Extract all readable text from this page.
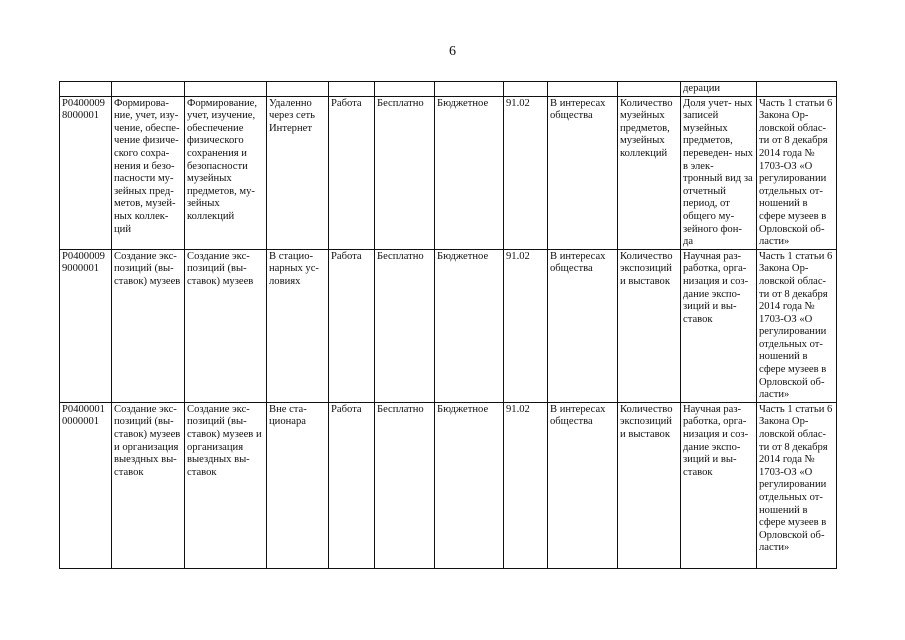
6
										дерации	
P0400009 8000001	Формирова- ние, учет, изу- чение, обеспе- чение физиче- ского сохра- нения и безо- пасности му- зейных пред- метов, музей- ных коллек- ций	Формирование, учет, изучение, обеспечение физического сохранения и безопасности музейных предметов, му- зейных коллекций	Удаленно через сеть Интернет	Работа	Бесплатно	Бюджетное	91.02	В интересах общества	Количество музейных предметов, музейных коллекций	Доля учет- ных записей музейных предметов, переведен- ных в элек- тронный вид за отчетный период, от общего му- зейного фон- да	Часть 1 статьи 6 Закона Ор- ловской облас- ти от 8 декабря 2014 года № 1703-ОЗ «О регулировании отдельных от- ношений в сфере музеев в Орловской об- ласти»
P0400009 9000001	Создание экс- позиций (вы- ставок) музеев	Создание экс- позиций (вы- ставок) музеев	В стацио- нарных ус- ловиях	Работа	Бесплатно	Бюджетное	91.02	В интересах общества	Количество экспозиций и выставок	Научная раз- работка, орга- низация и соз- дание экспо- зиций и вы- ставок	Часть 1 статьи 6 Закона Ор- ловской облас- ти от 8 декабря 2014 года № 1703-ОЗ «О регулировании отдельных от- ношений в сфере музеев в Орловской об- ласти»
P0400001 0000001	Создание экс- позиций (вы- ставок) музеев и организация выездных вы- ставок	Создание экс- позиций (вы- ставок) музеев и организация выездных вы- ставок	Вне ста- ционара	Работа	Бесплатно	Бюджетное	91.02	В интересах общества	Количество экспозиций и выставок	Научная раз- работка, орга- низация и соз- дание экспо- зиций и вы- ставок	Часть 1 статьи 6 Закона Ор- ловской облас- ти от 8 декабря 2014 года № 1703-ОЗ «О регулировании отдельных от- ношений в сфере музеев в Орловской об- ласти»
